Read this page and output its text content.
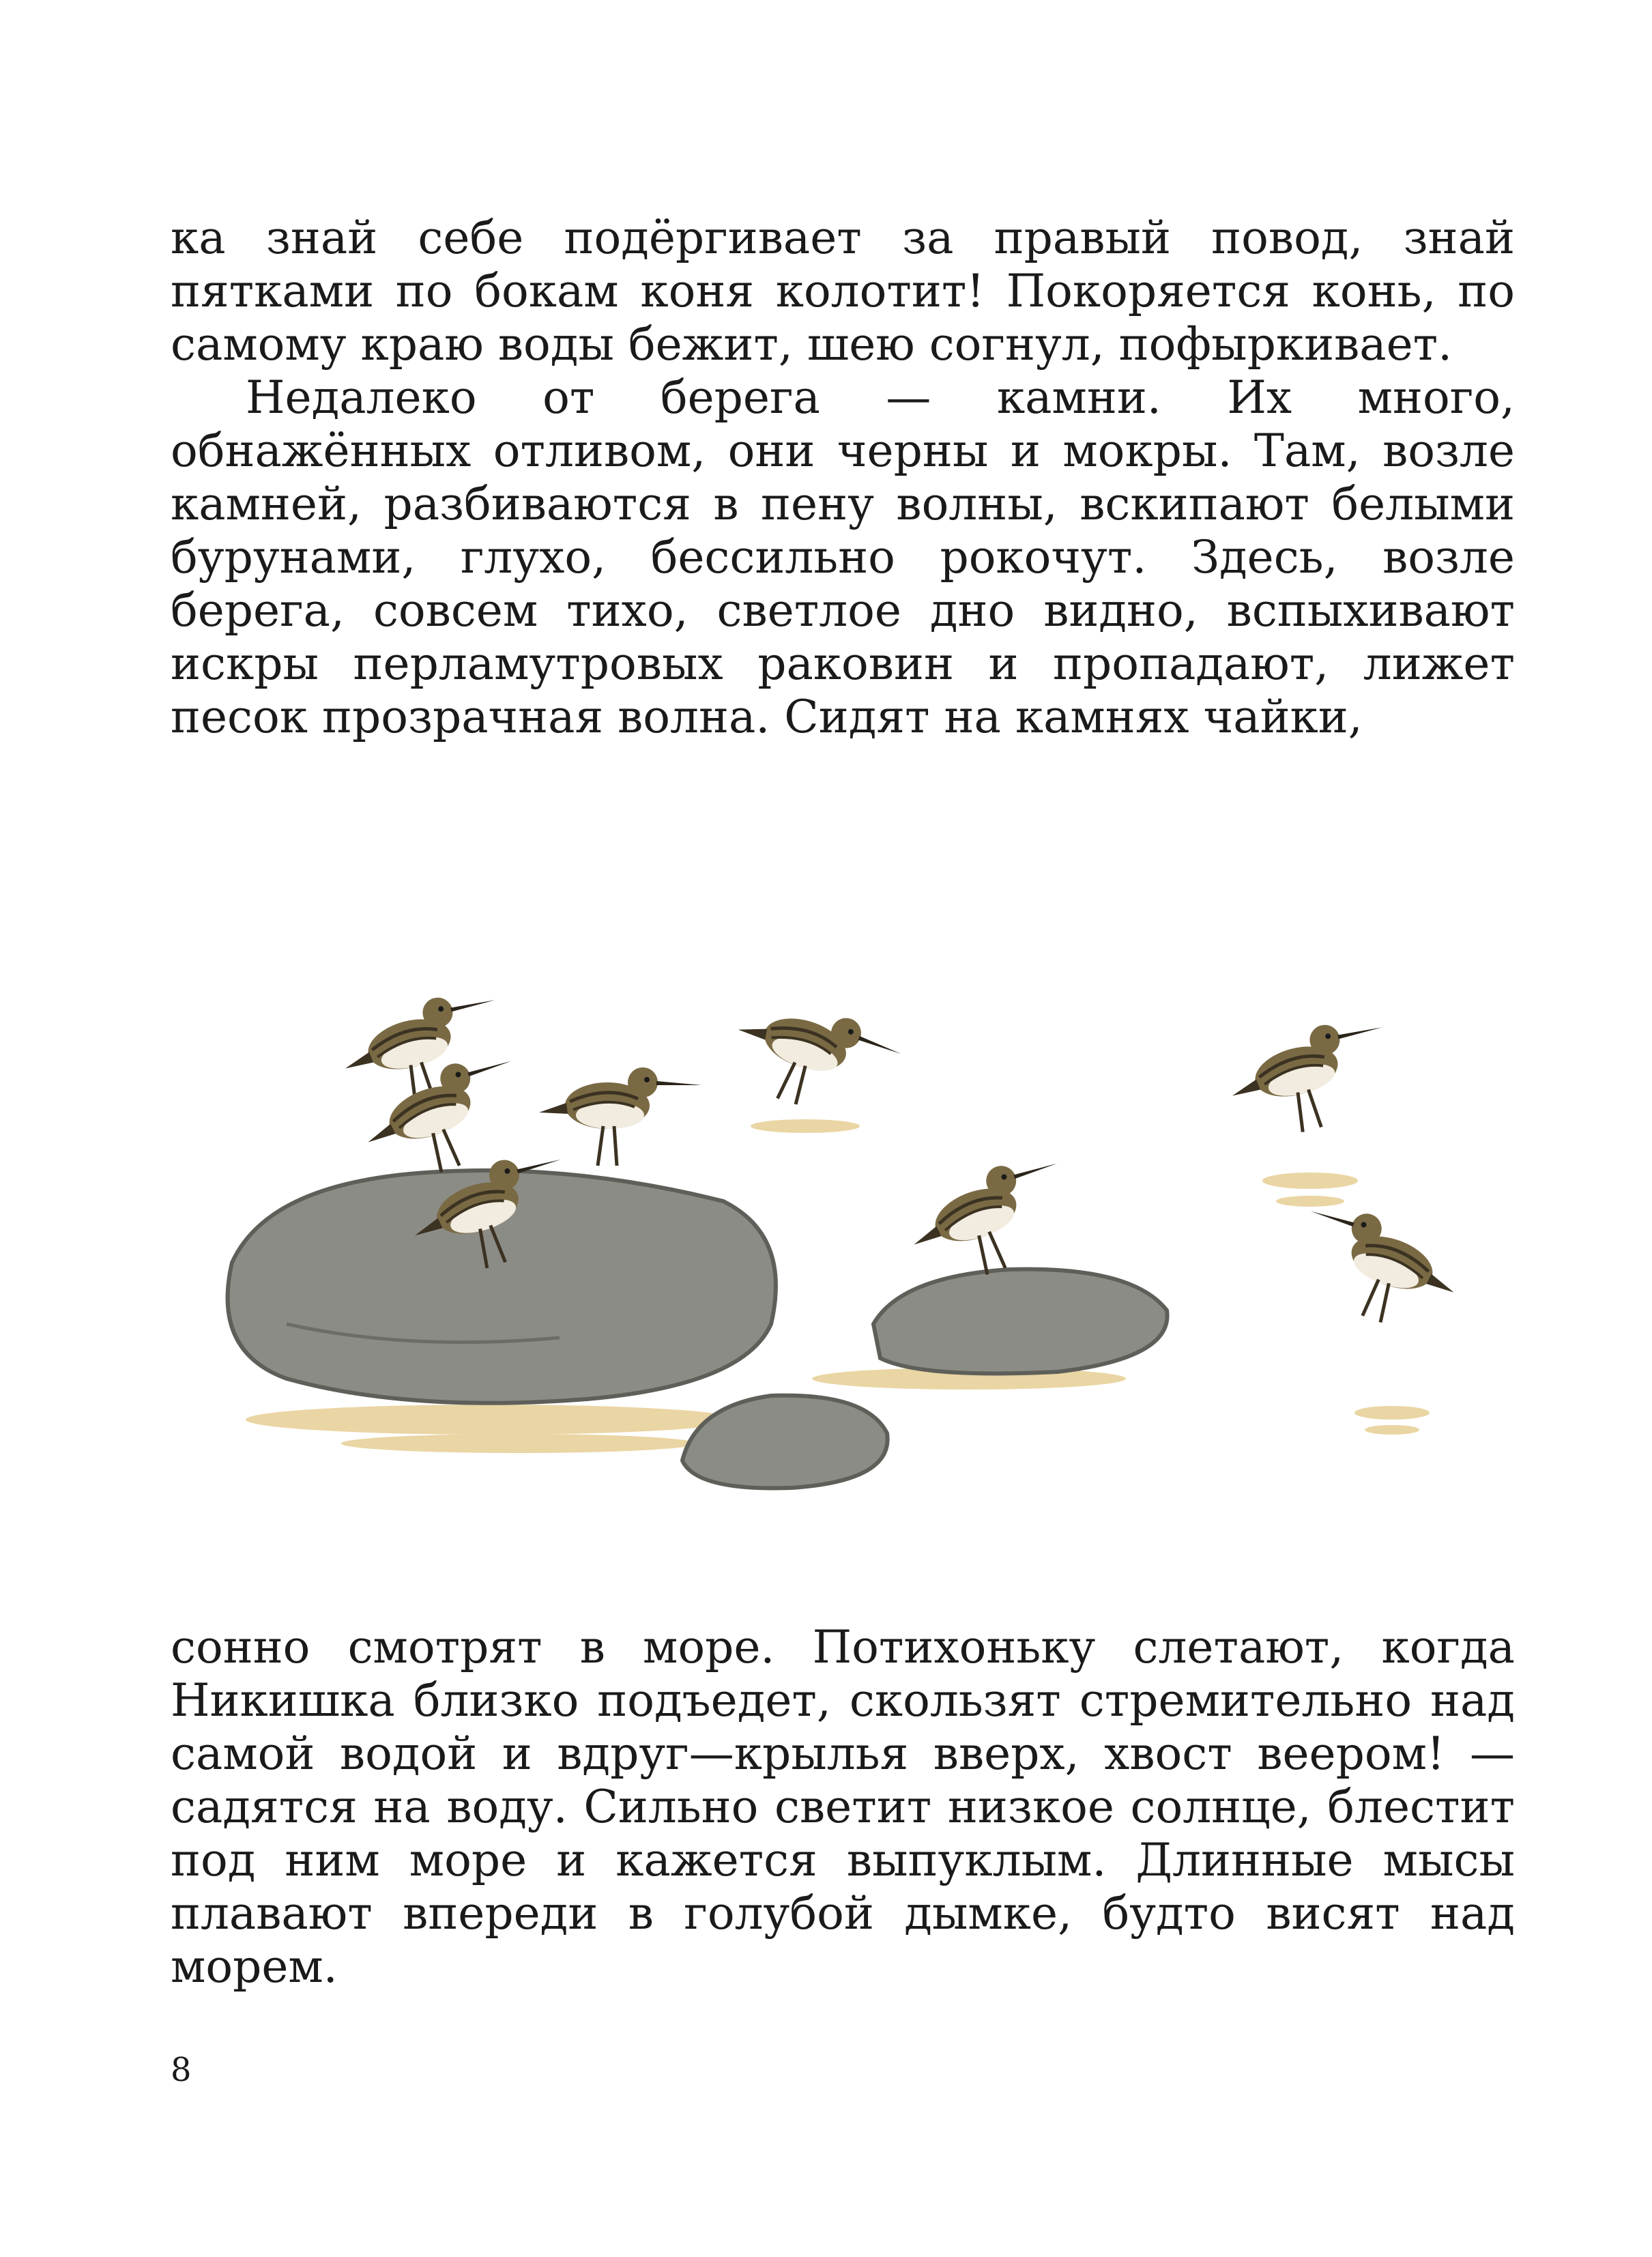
ка знай себе подёргивает за правый повод, знай пятками по бокам коня колотит! Покоряется конь, по самому краю воды бежит, шею согнул, пофыркивает.

Недалеко от берега — камни. Их много, обнажённых отливом, они черны и мокры. Там, возле камней, разбиваются в пену волны, вскипают белыми бурунами, глухо, бессильно рокочут. Здесь, возле берега, совсем тихо, светлое дно видно, вспыхивают искры перламутровых раковин и пропадают, лижет песок прозрачная волна. Сидят на камнях чайки,

сонно смотрят в море. Потихоньку слетают, когда Никишка близко подъедет, скользят стремительно над самой водой и вдруг—крылья вверх, хвост веером! — садятся на воду. Сильно светит низкое солнце, блестит под ним море и кажется выпуклым. Длинные мысы плавают впереди в голубой дымке, будто висят над морем.

8
